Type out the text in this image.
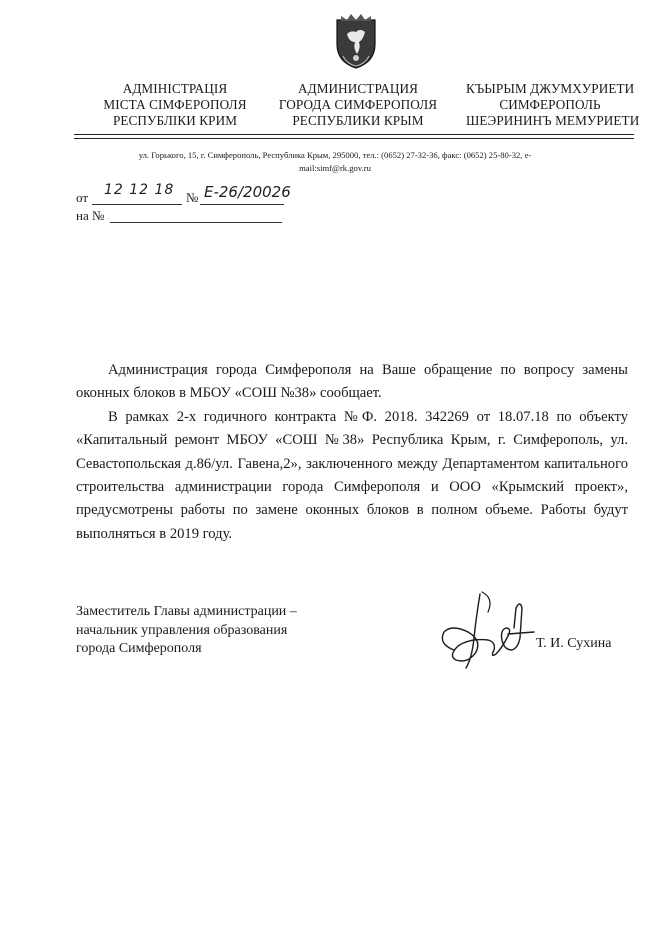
АДМІНІСТРАЦІЯ
МІСТА СІМФЕРОПОЛЯ
РЕСПУБЛІКИ КРИМ
АДМИНИСТРАЦИЯ
ГОРОДА СИМФЕРОПОЛЯ
РЕСПУБЛИКИ КРЫМ
КЪЫРЫМ ДЖУМХУРИЕТИ
СИМФЕРОПОЛЬ
ШЕЭРИНИНЪ МЕМУРИЕТИ
ул. Горького, 15, г. Симферополь, Республика Крым, 295000, тел.: (0652) 27-32-36, факс: (0652) 25-80-32, е-
mail:simf@rk.gov.ru
от 12 12 18 № Е-26/20026
на №

Администрация города Симферополя на Ваше обращение по вопросу замены оконных блоков в МБОУ «СОШ №38» сообщает.

В рамках 2-х годичного контракта №Ф. 2018. 342269 от 18.07.18 по объекту «Капитальный ремонт МБОУ «СОШ №38» Республика Крым, г. Симферополь, ул. Севастопольская д.86/ул. Гавена,2», заключенного между Департаментом капитального строительства администрации города Симферополя и ООО «Крымский проект», предусмотрены работы по замене оконных блоков в полном объеме. Работы будут выполняться в 2019 году.

Заместитель Главы администрации –
начальник управления образования
города Симферополя	Т. И. Сухина
